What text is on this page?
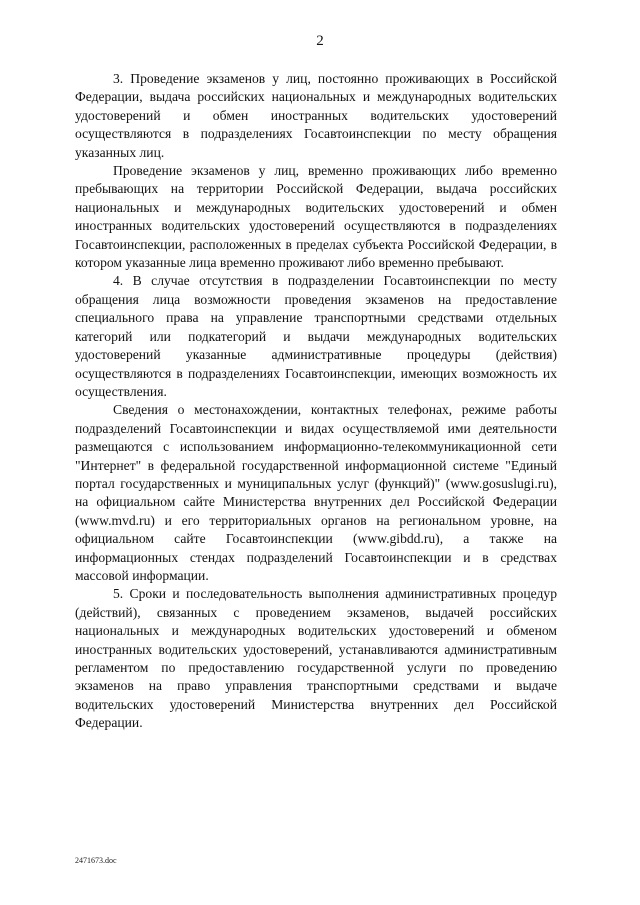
2

3. Проведение экзаменов у лиц, постоянно проживающих в Российской Федерации, выдача российских национальных и международных водительских удостоверений и обмен иностранных водительских удостоверений осуществляются в подразделениях Госавтоинспекции по месту обращения указанных лиц.

Проведение экзаменов у лиц, временно проживающих либо временно пребывающих на территории Российской Федерации, выдача российских национальных и международных водительских удостоверений и обмен иностранных водительских удостоверений осуществляются в подразделениях Госавтоинспекции, расположенных в пределах субъекта Российской Федерации, в котором указанные лица временно проживают либо временно пребывают.

4. В случае отсутствия в подразделении Госавтоинспекции по месту обращения лица возможности проведения экзаменов на предоставление специального права на управление транспортными средствами отдельных категорий или подкатегорий и выдачи международных водительских удостоверений указанные административные процедуры (действия) осуществляются в подразделениях Госавтоинспекции, имеющих возможность их осуществления.

Сведения о местонахождении, контактных телефонах, режиме работы подразделений Госавтоинспекции и видах осуществляемой ими деятельности размещаются с использованием информационно-телекоммуникационной сети "Интернет" в федеральной государственной информационной системе "Единый портал государственных и муниципальных услуг (функций)" (www.gosuslugi.ru), на официальном сайте Министерства внутренних дел Российской Федерации (www.mvd.ru) и его территориальных органов на региональном уровне, на официальном сайте Госавтоинспекции (www.gibdd.ru), а также на информационных стендах подразделений Госавтоинспекции и в средствах массовой информации.

5. Сроки и последовательность выполнения административных процедур (действий), связанных с проведением экзаменов, выдачей российских национальных и международных водительских удостоверений и обменом иностранных водительских удостоверений, устанавливаются административным регламентом по предоставлению государственной услуги по проведению экзаменов на право управления транспортными средствами и выдаче водительских удостоверений Министерства внутренних дел Российской Федерации.

2471673.doc
